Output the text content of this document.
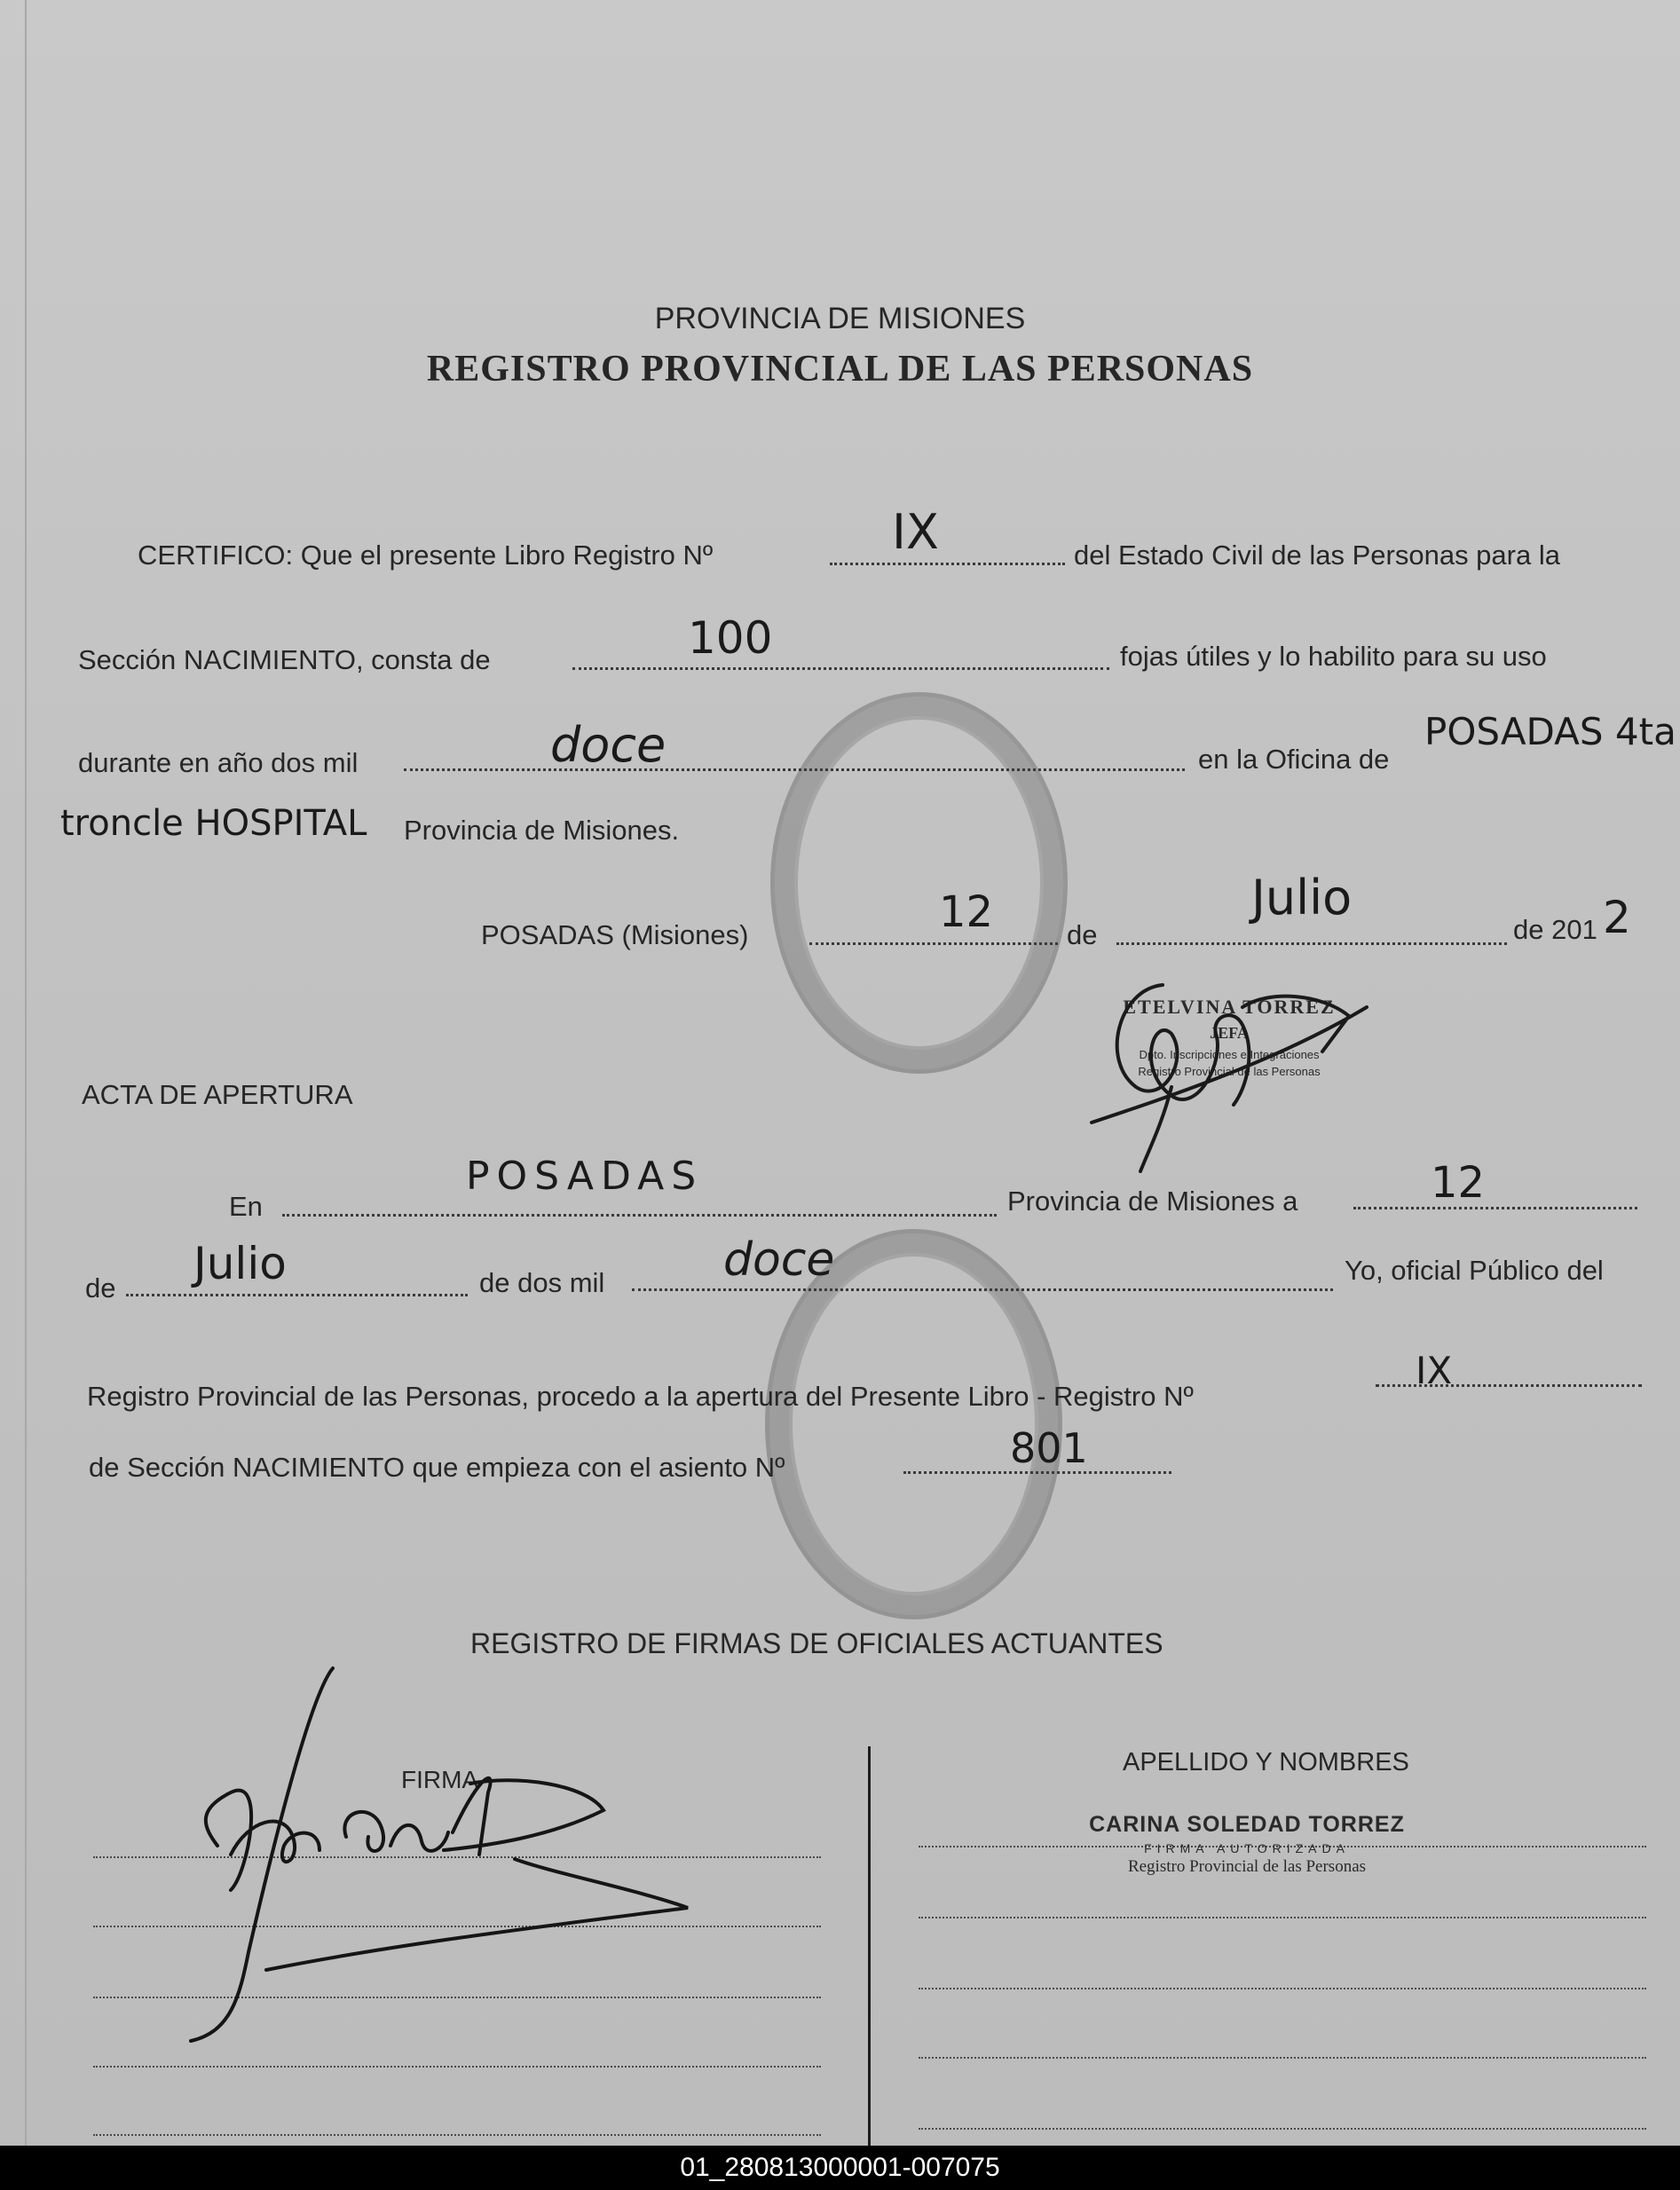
PROVINCIA DE MISIONES
REGISTRO PROVINCIAL DE LAS PERSONAS
CERTIFICO: Que el presente Libro Registro Nº	IX	del Estado Civil de las Personas para la
Sección NACIMIENTO, consta de	100	fojas útiles y lo habilito para su uso
durante en año dos mil	doce	en la Oficina de
POSADAS 4ta
troncle HOSPITAL Provincia de Misiones.
POSADAS (Misiones)	12	de
Julio
de 201 2
ETELVINA TORREZ
JEFA
Dpto. Inscripciones e Integraciones
Registro Provincial de las Personas
ACTA DE APERTURA
En
POSADAS
Provincia de Misiones a	12
de Julio	de dos mil	doce	Yo, oficial Público del
Registro Provincial de las Personas, procedo a la apertura del Presente Libro - Registro Nº
IX
de Sección NACIMIENTO que empieza con el asiento Nº	801
REGISTRO DE FIRMAS DE OFICIALES ACTUANTES
FIRMA
APELLIDO Y NOMBRES
CARINA SOLEDAD TORREZ
FIRMA AUTORIZADA
Registro Provincial de las Personas
01_280813000001-007075
